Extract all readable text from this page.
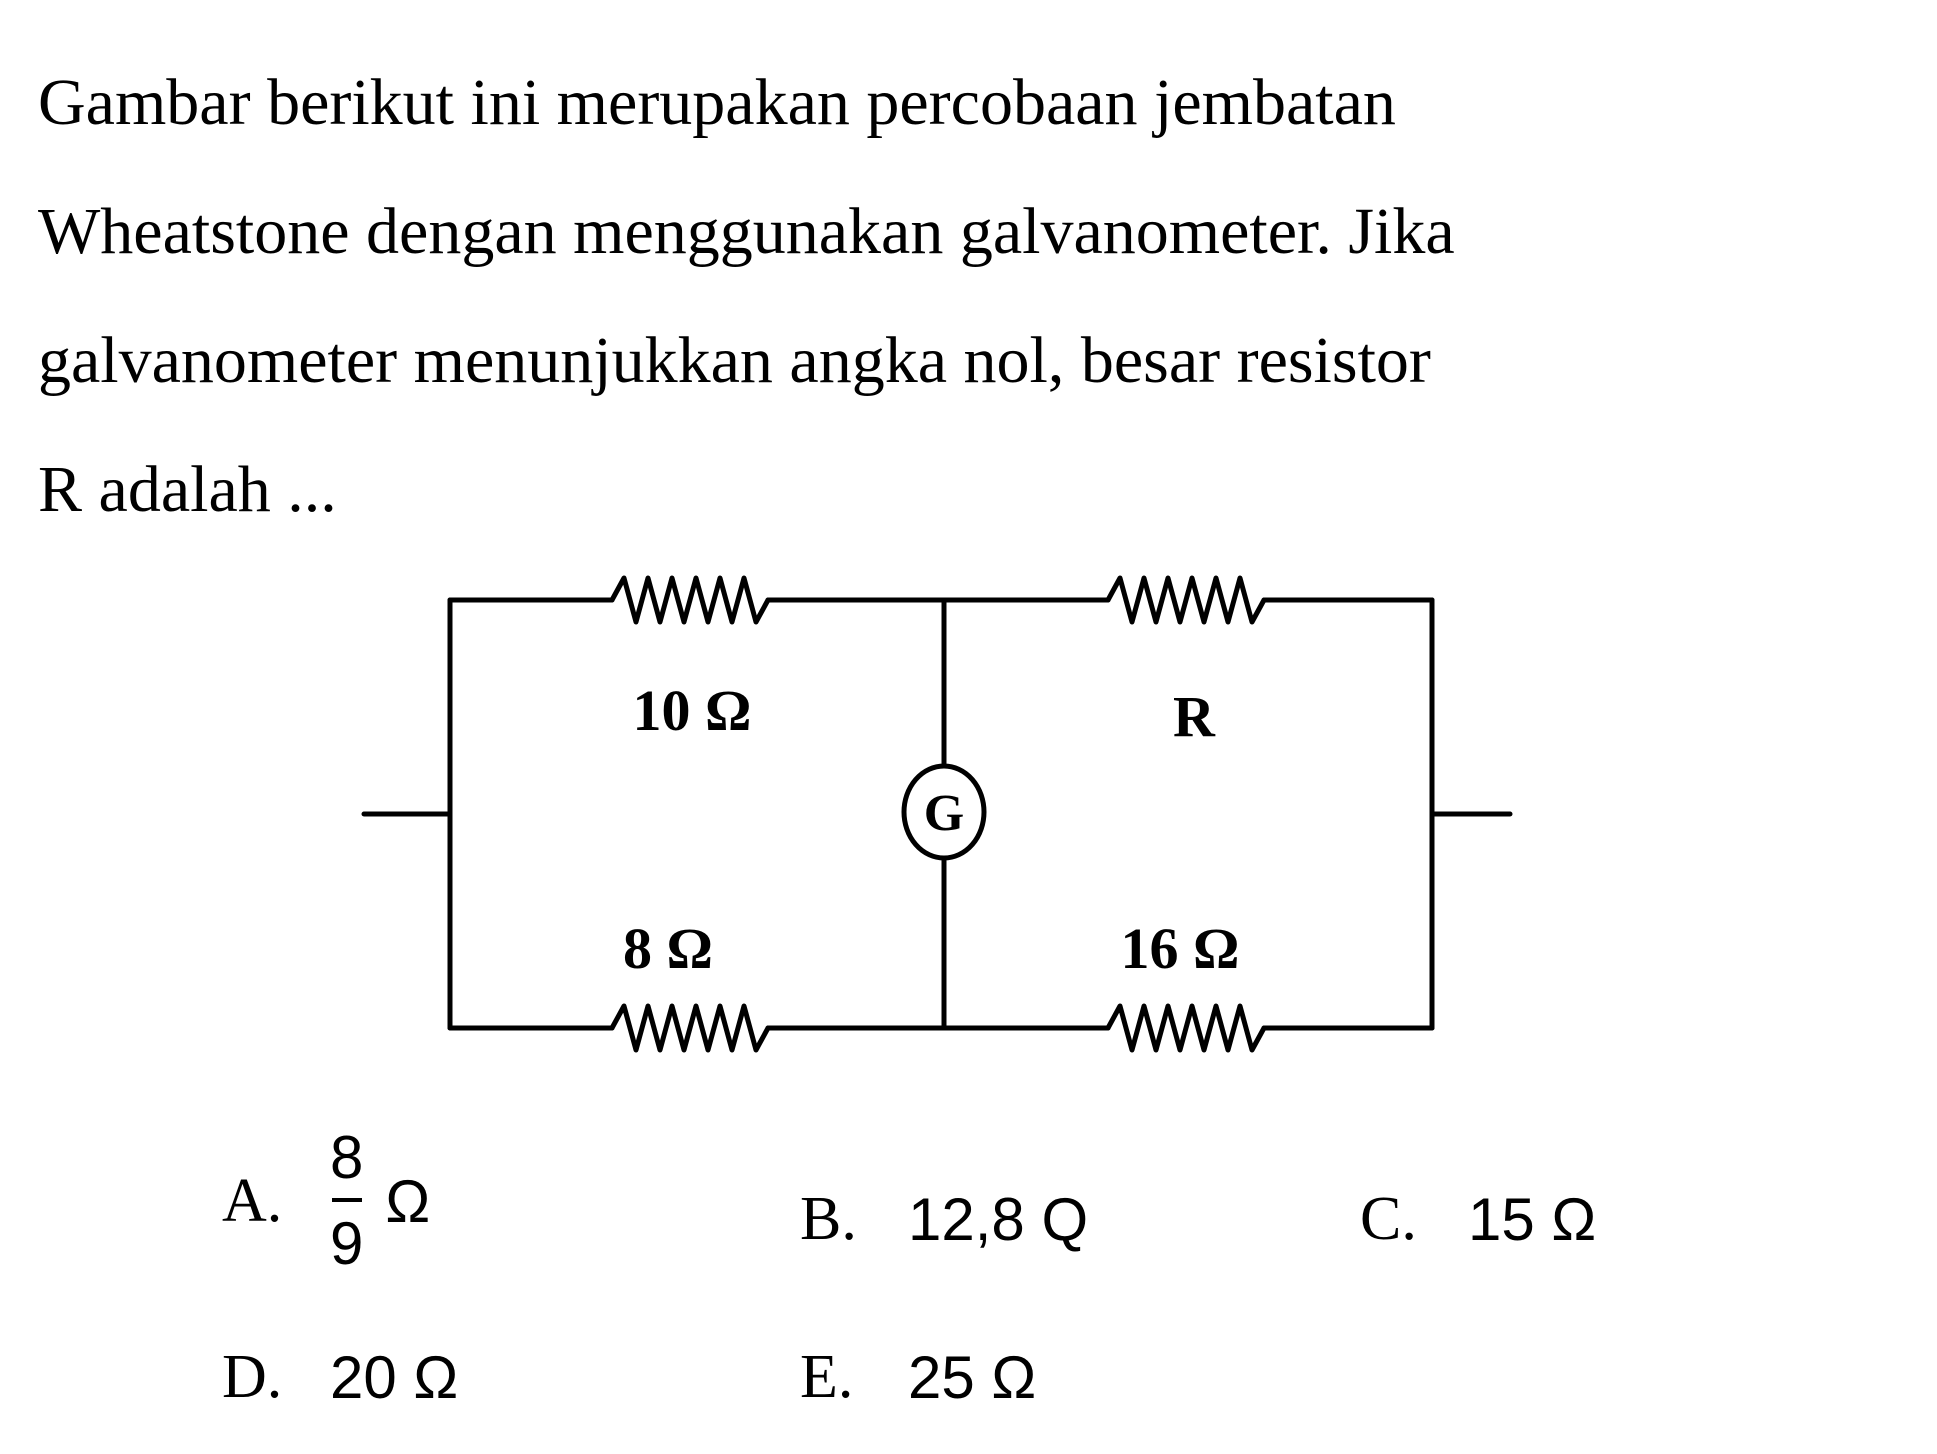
Gambar berikut ini merupakan percobaan jembatan
Wheatstone dengan menggunakan galvanometer. Jika
galvanometer menunjukkan angka nol, besar resistor
R adalah ...
G
10 Ω	R
8 Ω	16 Ω
A. $\frac{8}{9}$ Ω	B. 12,8 Q	C. 15 Ω
D. 20 Ω	E. 25 Ω
